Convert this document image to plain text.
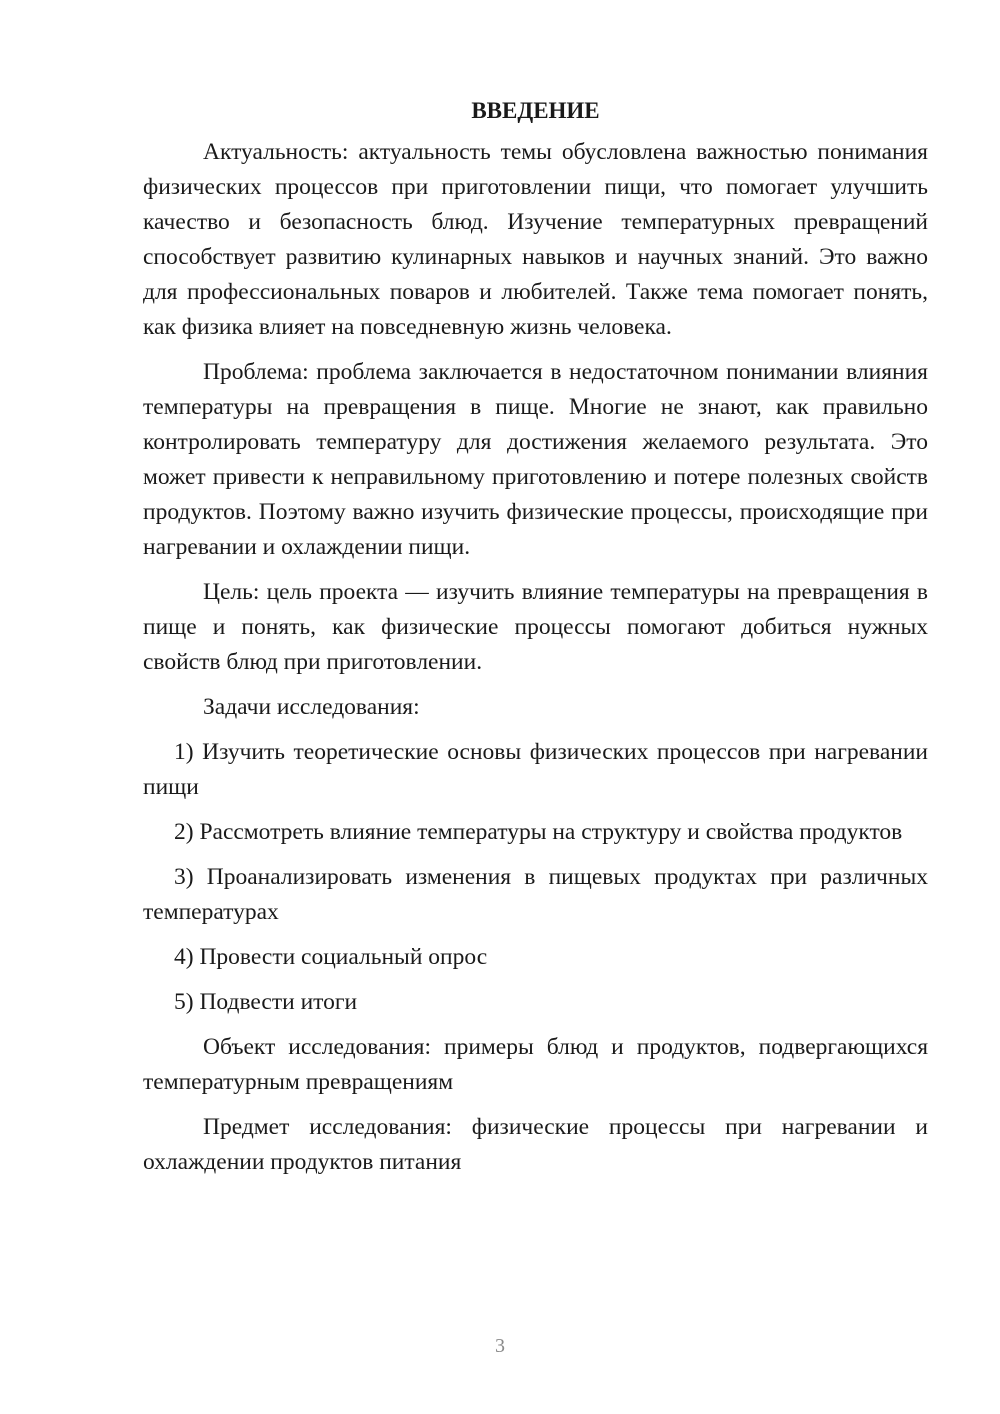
ВВЕДЕНИЕ

Актуальность: актуальность темы обусловлена важностью понимания физических процессов при приготовлении пищи, что помогает улучшить качество и безопасность блюд. Изучение температурных превращений способствует развитию кулинарных навыков и научных знаний. Это важно для профессиональных поваров и любителей. Также тема помогает понять, как физика влияет на повседневную жизнь человека.

Проблема: проблема заключается в недостаточном понимании влияния температуры на превращения в пище. Многие не знают, как правильно контролировать температуру для достижения желаемого результата. Это может привести к неправильному приготовлению и потере полезных свойств продуктов. Поэтому важно изучить физические процессы, происходящие при нагревании и охлаждении пищи.

Цель: цель проекта — изучить влияние температуры на превращения в пище и понять, как физические процессы помогают добиться нужных свойств блюд при приготовлении.

Задачи исследования:

1) Изучить теоретические основы физических процессов при нагревании пищи

2) Рассмотреть влияние температуры на структуру и свойства продуктов

3) Проанализировать изменения в пищевых продуктах при различных температурах

4) Провести социальный опрос

5) Подвести итоги

Объект исследования: примеры блюд и продуктов, подвергающихся температурным превращениям

Предмет исследования: физические процессы при нагревании и охлаждении продуктов питания

3
